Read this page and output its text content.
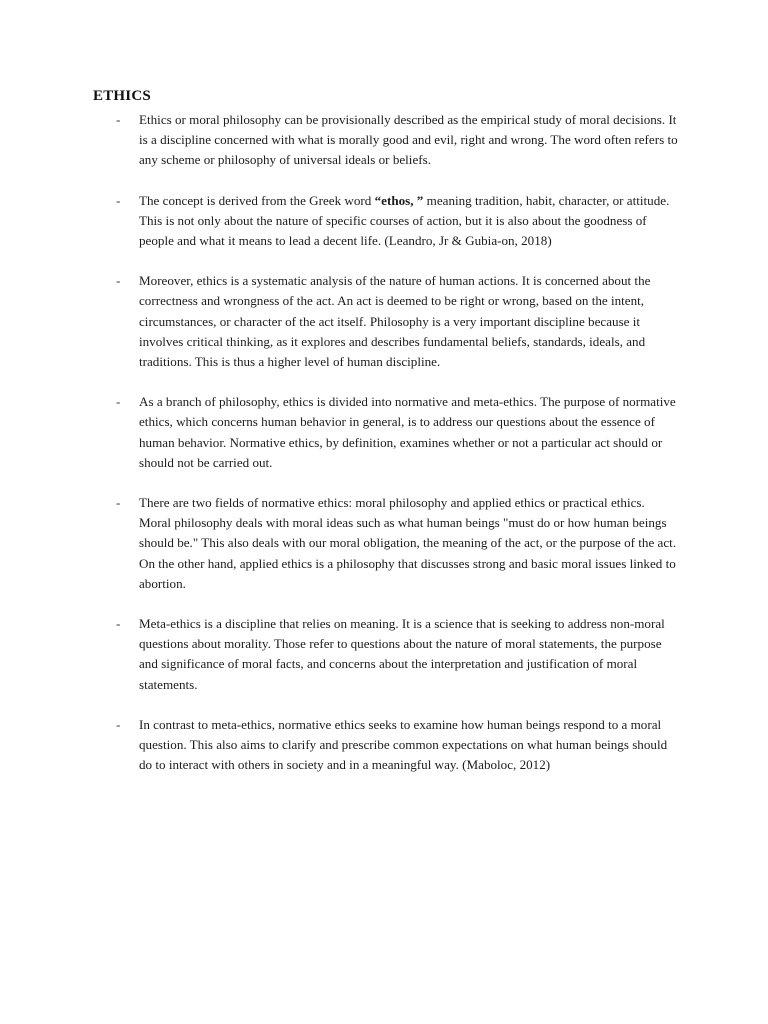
ETHICS
- Ethics or moral philosophy can be provisionally described as the empirical study of moral decisions. It is a discipline concerned with what is morally good and evil, right and wrong. The word often refers to any scheme or philosophy of universal ideals or beliefs.
- The concept is derived from the Greek word “ethos, ” meaning tradition, habit, character, or attitude. This is not only about the nature of specific courses of action, but it is also about the goodness of people and what it means to lead a decent life. (Leandro, Jr & Gubia-on, 2018)
- Moreover, ethics is a systematic analysis of the nature of human actions. It is concerned about the correctness and wrongness of the act. An act is deemed to be right or wrong, based on the intent, circumstances, or character of the act itself. Philosophy is a very important discipline because it involves critical thinking, as it explores and describes fundamental beliefs, standards, ideals, and traditions. This is thus a higher level of human discipline.
- As a branch of philosophy, ethics is divided into normative and meta-ethics. The purpose of normative ethics, which concerns human behavior in general, is to address our questions about the essence of human behavior. Normative ethics, by definition, examines whether or not a particular act should or should not be carried out.
- There are two fields of normative ethics: moral philosophy and applied ethics or practical ethics. Moral philosophy deals with moral ideas such as what human beings "must do or how human beings should be." This also deals with our moral obligation, the meaning of the act, or the purpose of the act. On the other hand, applied ethics is a philosophy that discusses strong and basic moral issues linked to abortion.
- Meta-ethics is a discipline that relies on meaning. It is a science that is seeking to address non-moral questions about morality. Those refer to questions about the nature of moral statements, the purpose and significance of moral facts, and concerns about the interpretation and justification of moral statements.
- In contrast to meta-ethics, normative ethics seeks to examine how human beings respond to a moral question. This also aims to clarify and prescribe common expectations on what human beings should do to interact with others in society and in a meaningful way. (Maboloc, 2012)
